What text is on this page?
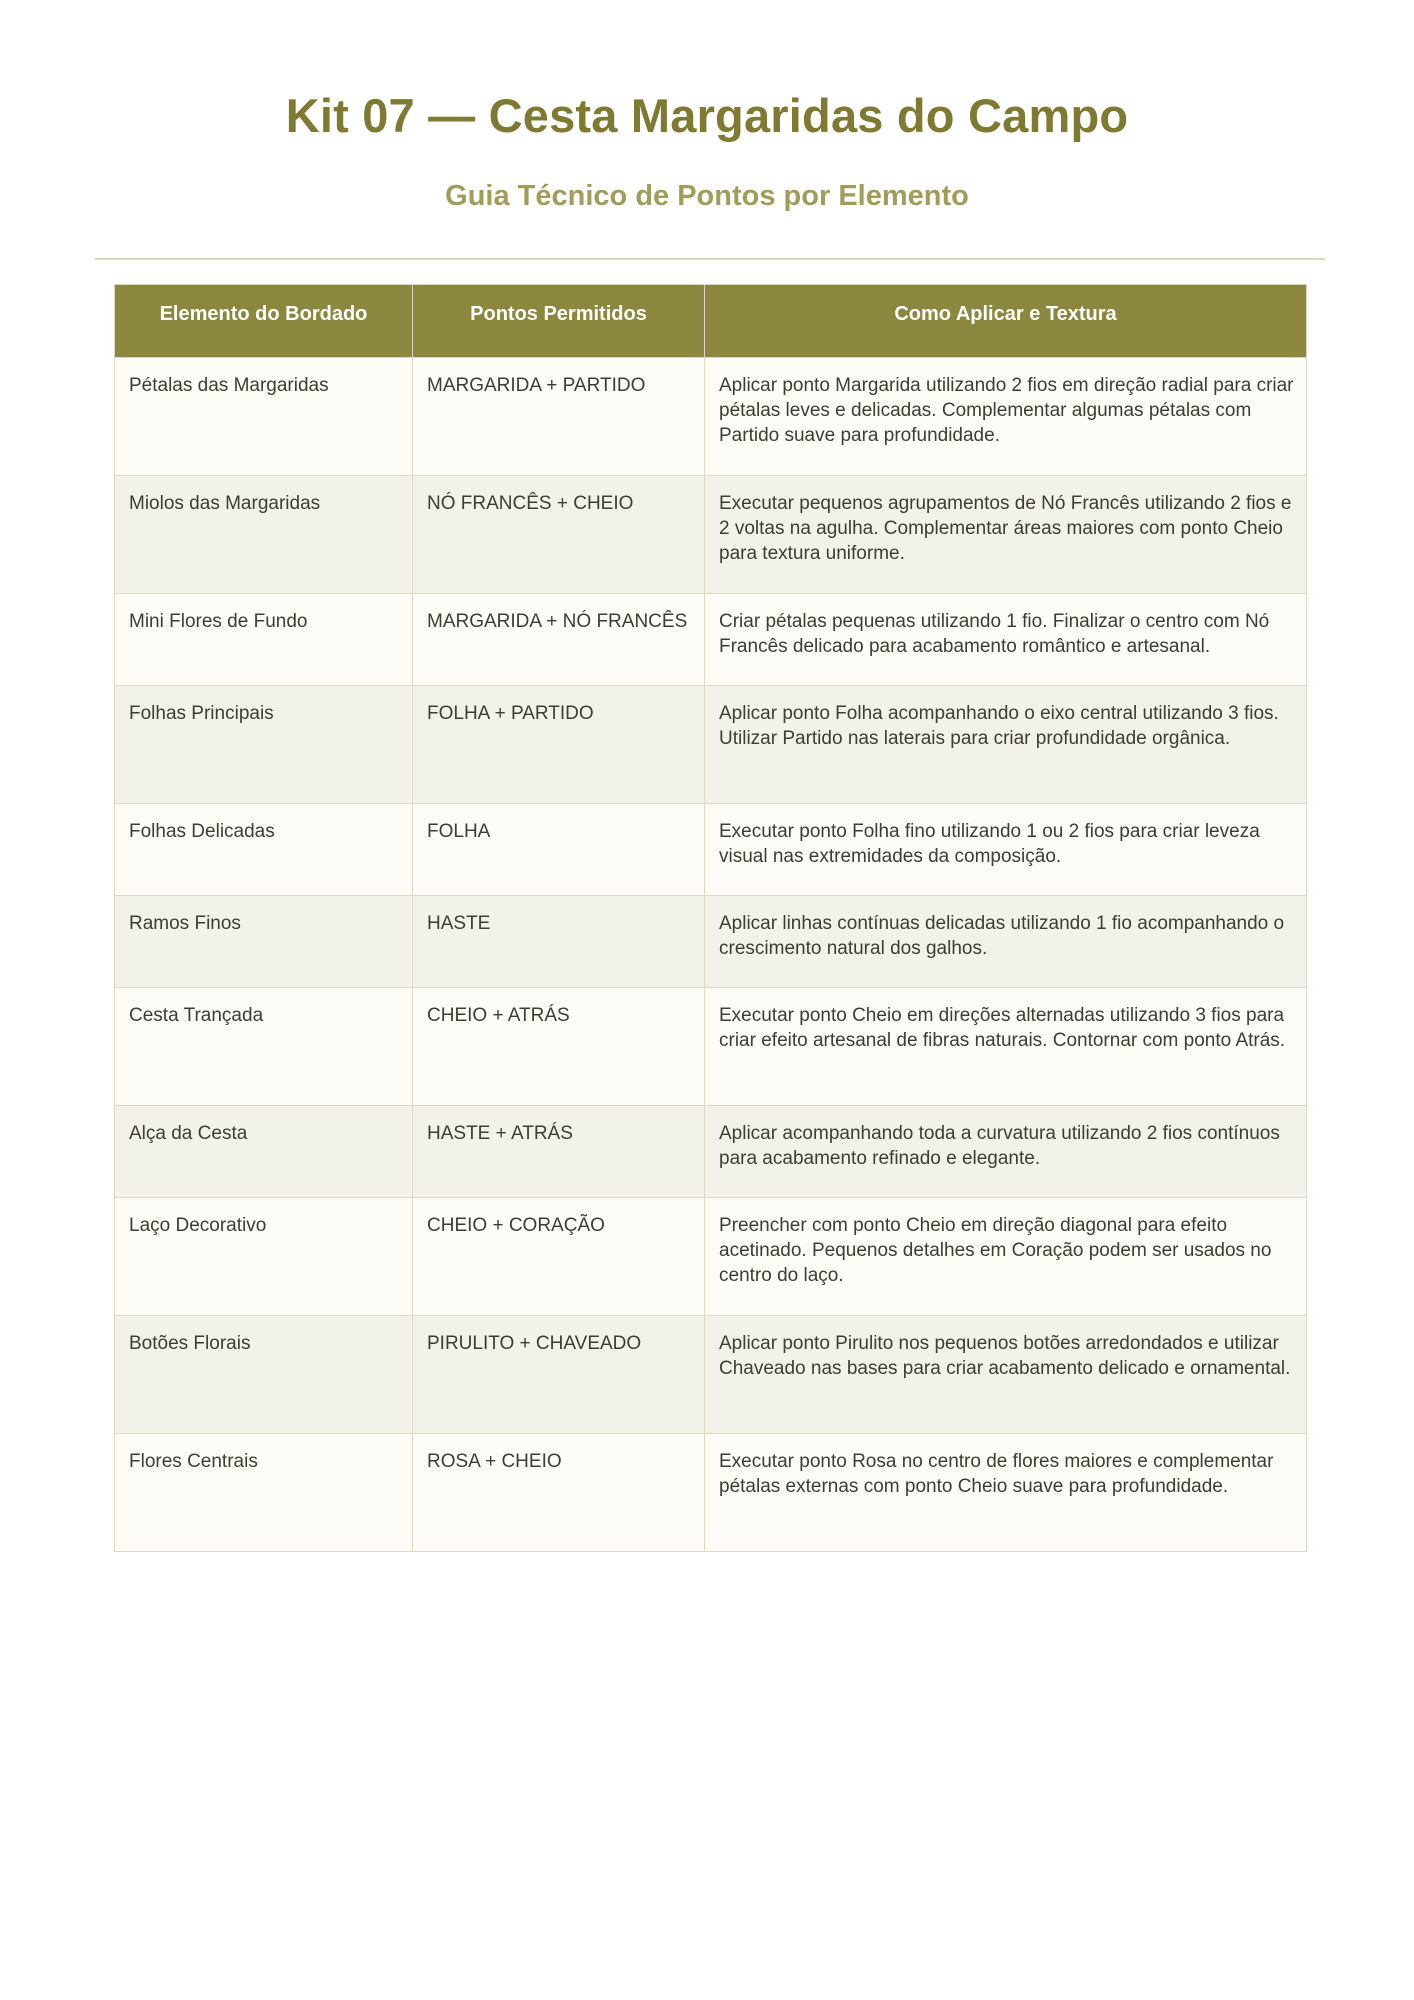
Kit 07 — Cesta Margaridas do Campo
Guia Técnico de Pontos por Elemento
Elemento do Bordado	Pontos Permitidos	Como Aplicar e Textura
Pétalas das Margaridas	MARGARIDA + PARTIDO	Aplicar ponto Margarida utilizando 2 fios em direção radial para criar pétalas leves e delicadas. Complementar algumas pétalas com Partido suave para profundidade.
Miolos das Margaridas	NÓ FRANCÊS + CHEIO	Executar pequenos agrupamentos de Nó Francês utilizando 2 fios e 2 voltas na agulha. Complementar áreas maiores com ponto Cheio para textura uniforme.
Mini Flores de Fundo	MARGARIDA + NÓ FRANCÊS	Criar pétalas pequenas utilizando 1 fio. Finalizar o centro com Nó Francês delicado para acabamento romântico e artesanal.
Folhas Principais	FOLHA + PARTIDO	Aplicar ponto Folha acompanhando o eixo central utilizando 3 fios. Utilizar Partido nas laterais para criar profundidade orgânica.
Folhas Delicadas	FOLHA	Executar ponto Folha fino utilizando 1 ou 2 fios para criar leveza visual nas extremidades da composição.
Ramos Finos	HASTE	Aplicar linhas contínuas delicadas utilizando 1 fio acompanhando o crescimento natural dos galhos.
Cesta Trançada	CHEIO + ATRÁS	Executar ponto Cheio em direções alternadas utilizando 3 fios para criar efeito artesanal de fibras naturais. Contornar com ponto Atrás.
Alça da Cesta	HASTE + ATRÁS	Aplicar acompanhando toda a curvatura utilizando 2 fios contínuos para acabamento refinado e elegante.
Laço Decorativo	CHEIO + CORAÇÃO	Preencher com ponto Cheio em direção diagonal para efeito acetinado. Pequenos detalhes em Coração podem ser usados no centro do laço.
Botões Florais	PIRULITO + CHAVEADO	Aplicar ponto Pirulito nos pequenos botões arredondados e utilizar Chaveado nas bases para criar acabamento delicado e ornamental.
Flores Centrais	ROSA + CHEIO	Executar ponto Rosa no centro de flores maiores e complementar pétalas externas com ponto Cheio suave para profundidade.
